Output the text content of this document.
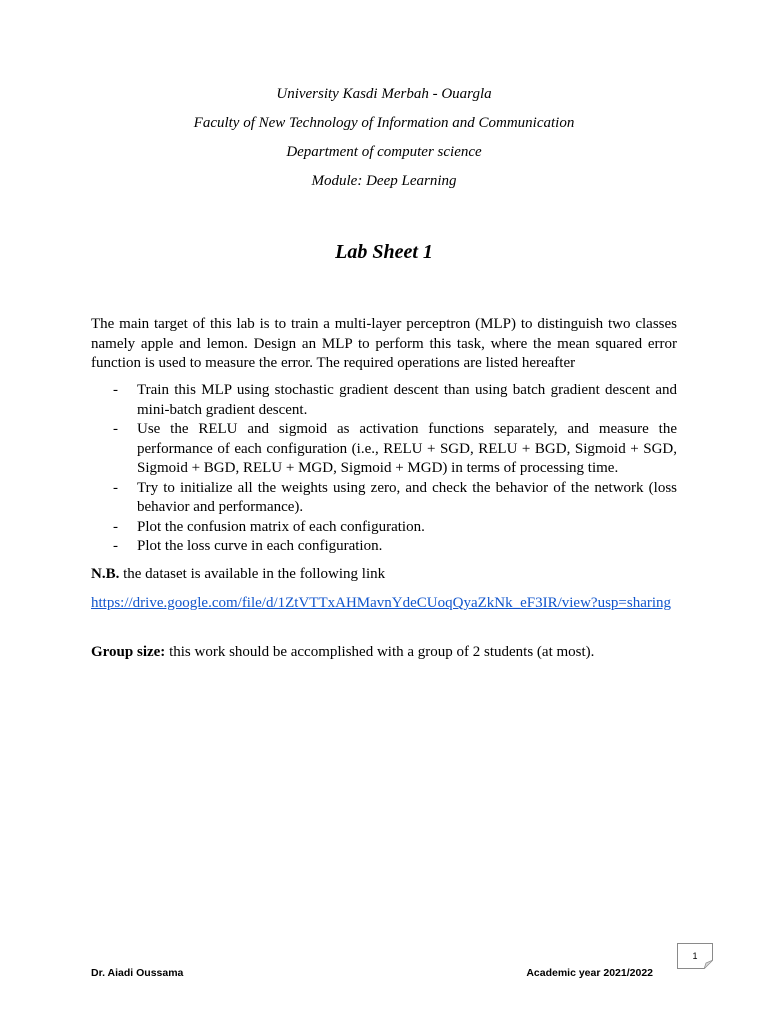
University Kasdi Merbah - Ouargla
Faculty of New Technology of Information and Communication
Department of computer science
Module: Deep Learning
Lab Sheet 1
The main target of this lab is to train a multi-layer perceptron (MLP) to distinguish two classes namely apple and lemon. Design an MLP to perform this task, where the mean squared error function is used to measure the error. The required operations are listed hereafter
- Train this MLP using stochastic gradient descent than using batch gradient descent and mini-batch gradient descent.
- Use the RELU and sigmoid as activation functions separately, and measure the performance of each configuration (i.e., RELU + SGD, RELU + BGD, Sigmoid + SGD, Sigmoid + BGD, RELU + MGD, Sigmoid + MGD) in terms of processing time.
- Try to initialize all the weights using zero, and check the behavior of the network (loss behavior and performance).
- Plot the confusion matrix of each configuration.
- Plot the loss curve in each configuration.
N.B. the dataset is available in the following link
https://drive.google.com/file/d/1ZtVTTxAHMavnYdeCUoqQyaZkNk_eF3IR/view?usp=sharing
Group size: this work should be accomplished with a group of 2 students (at most).
1
Dr. Aiadi Oussama	Academic year 2021/2022
